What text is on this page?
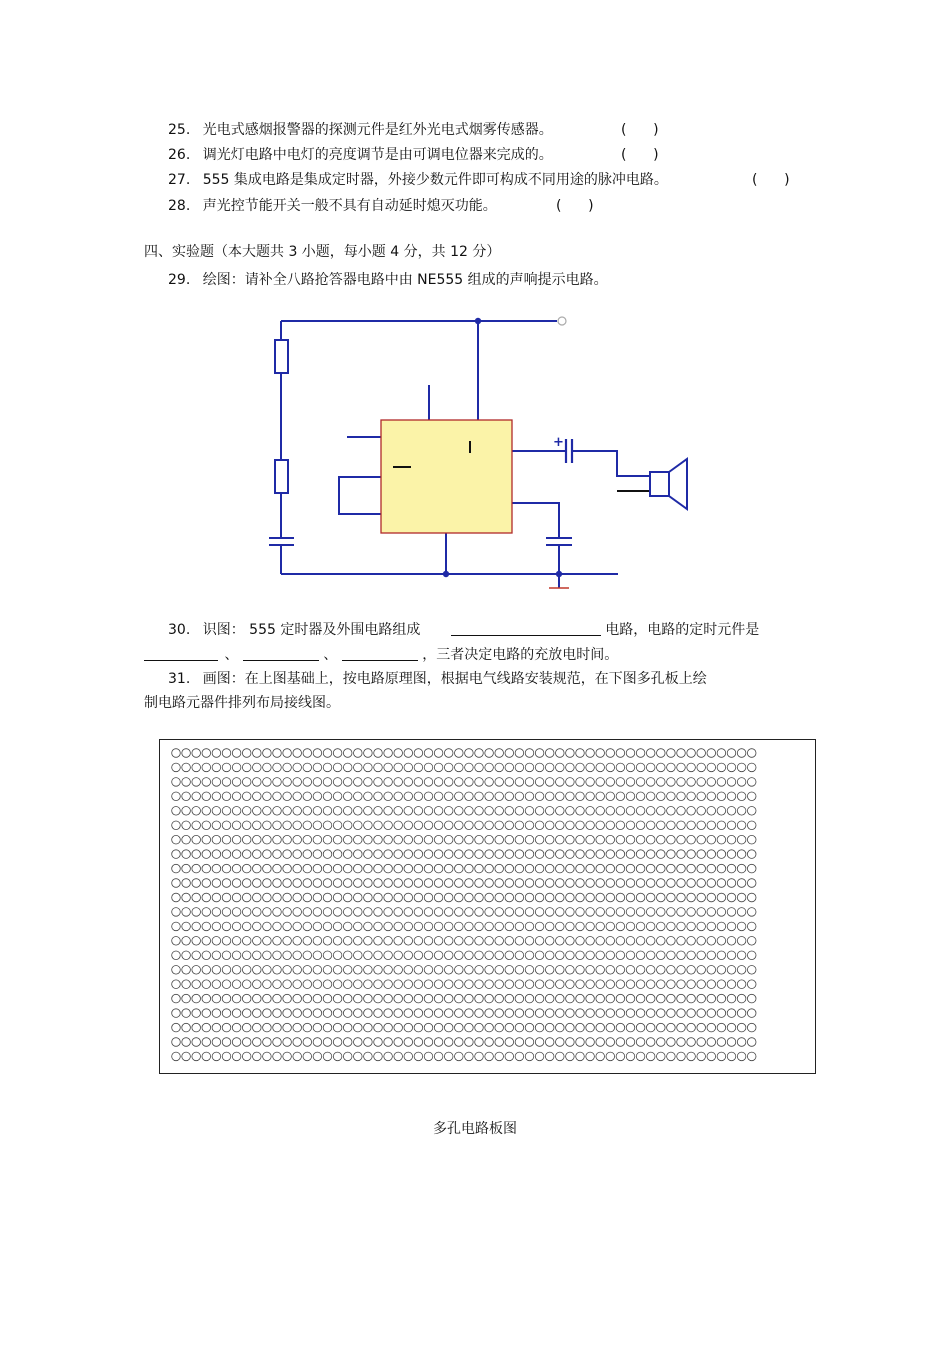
25. 光电式感烟报警器的探测元件是红外光电式烟雾传感器。	(      )
26. 调光灯电路中电灯的亮度调节是由可调电位器来完成的。	(      )
27. 555 集成电路是集成定时器，外接少数元件即可构成不同用途的脉冲电路。	(      )
28. 声光控节能开关一般不具有自动延时熄灭功能。	(      )
四、实验题（本大题共 3 小题，每小题 4 分，共 12 分）
29. 绘图：请补全八路抢答器电路中由 NE555 组成的声响提示电路。
+
30. 识图： 555 定时器及外围电路组成	电路，电路的定时元件是
、	、	，三者决定电路的充放电时间。
31. 画图：在上图基础上，按电路原理图，根据电气线路安装规范，在下图多孔板上绘
制电路元器件排列布局接线图。
多孔电路板图
